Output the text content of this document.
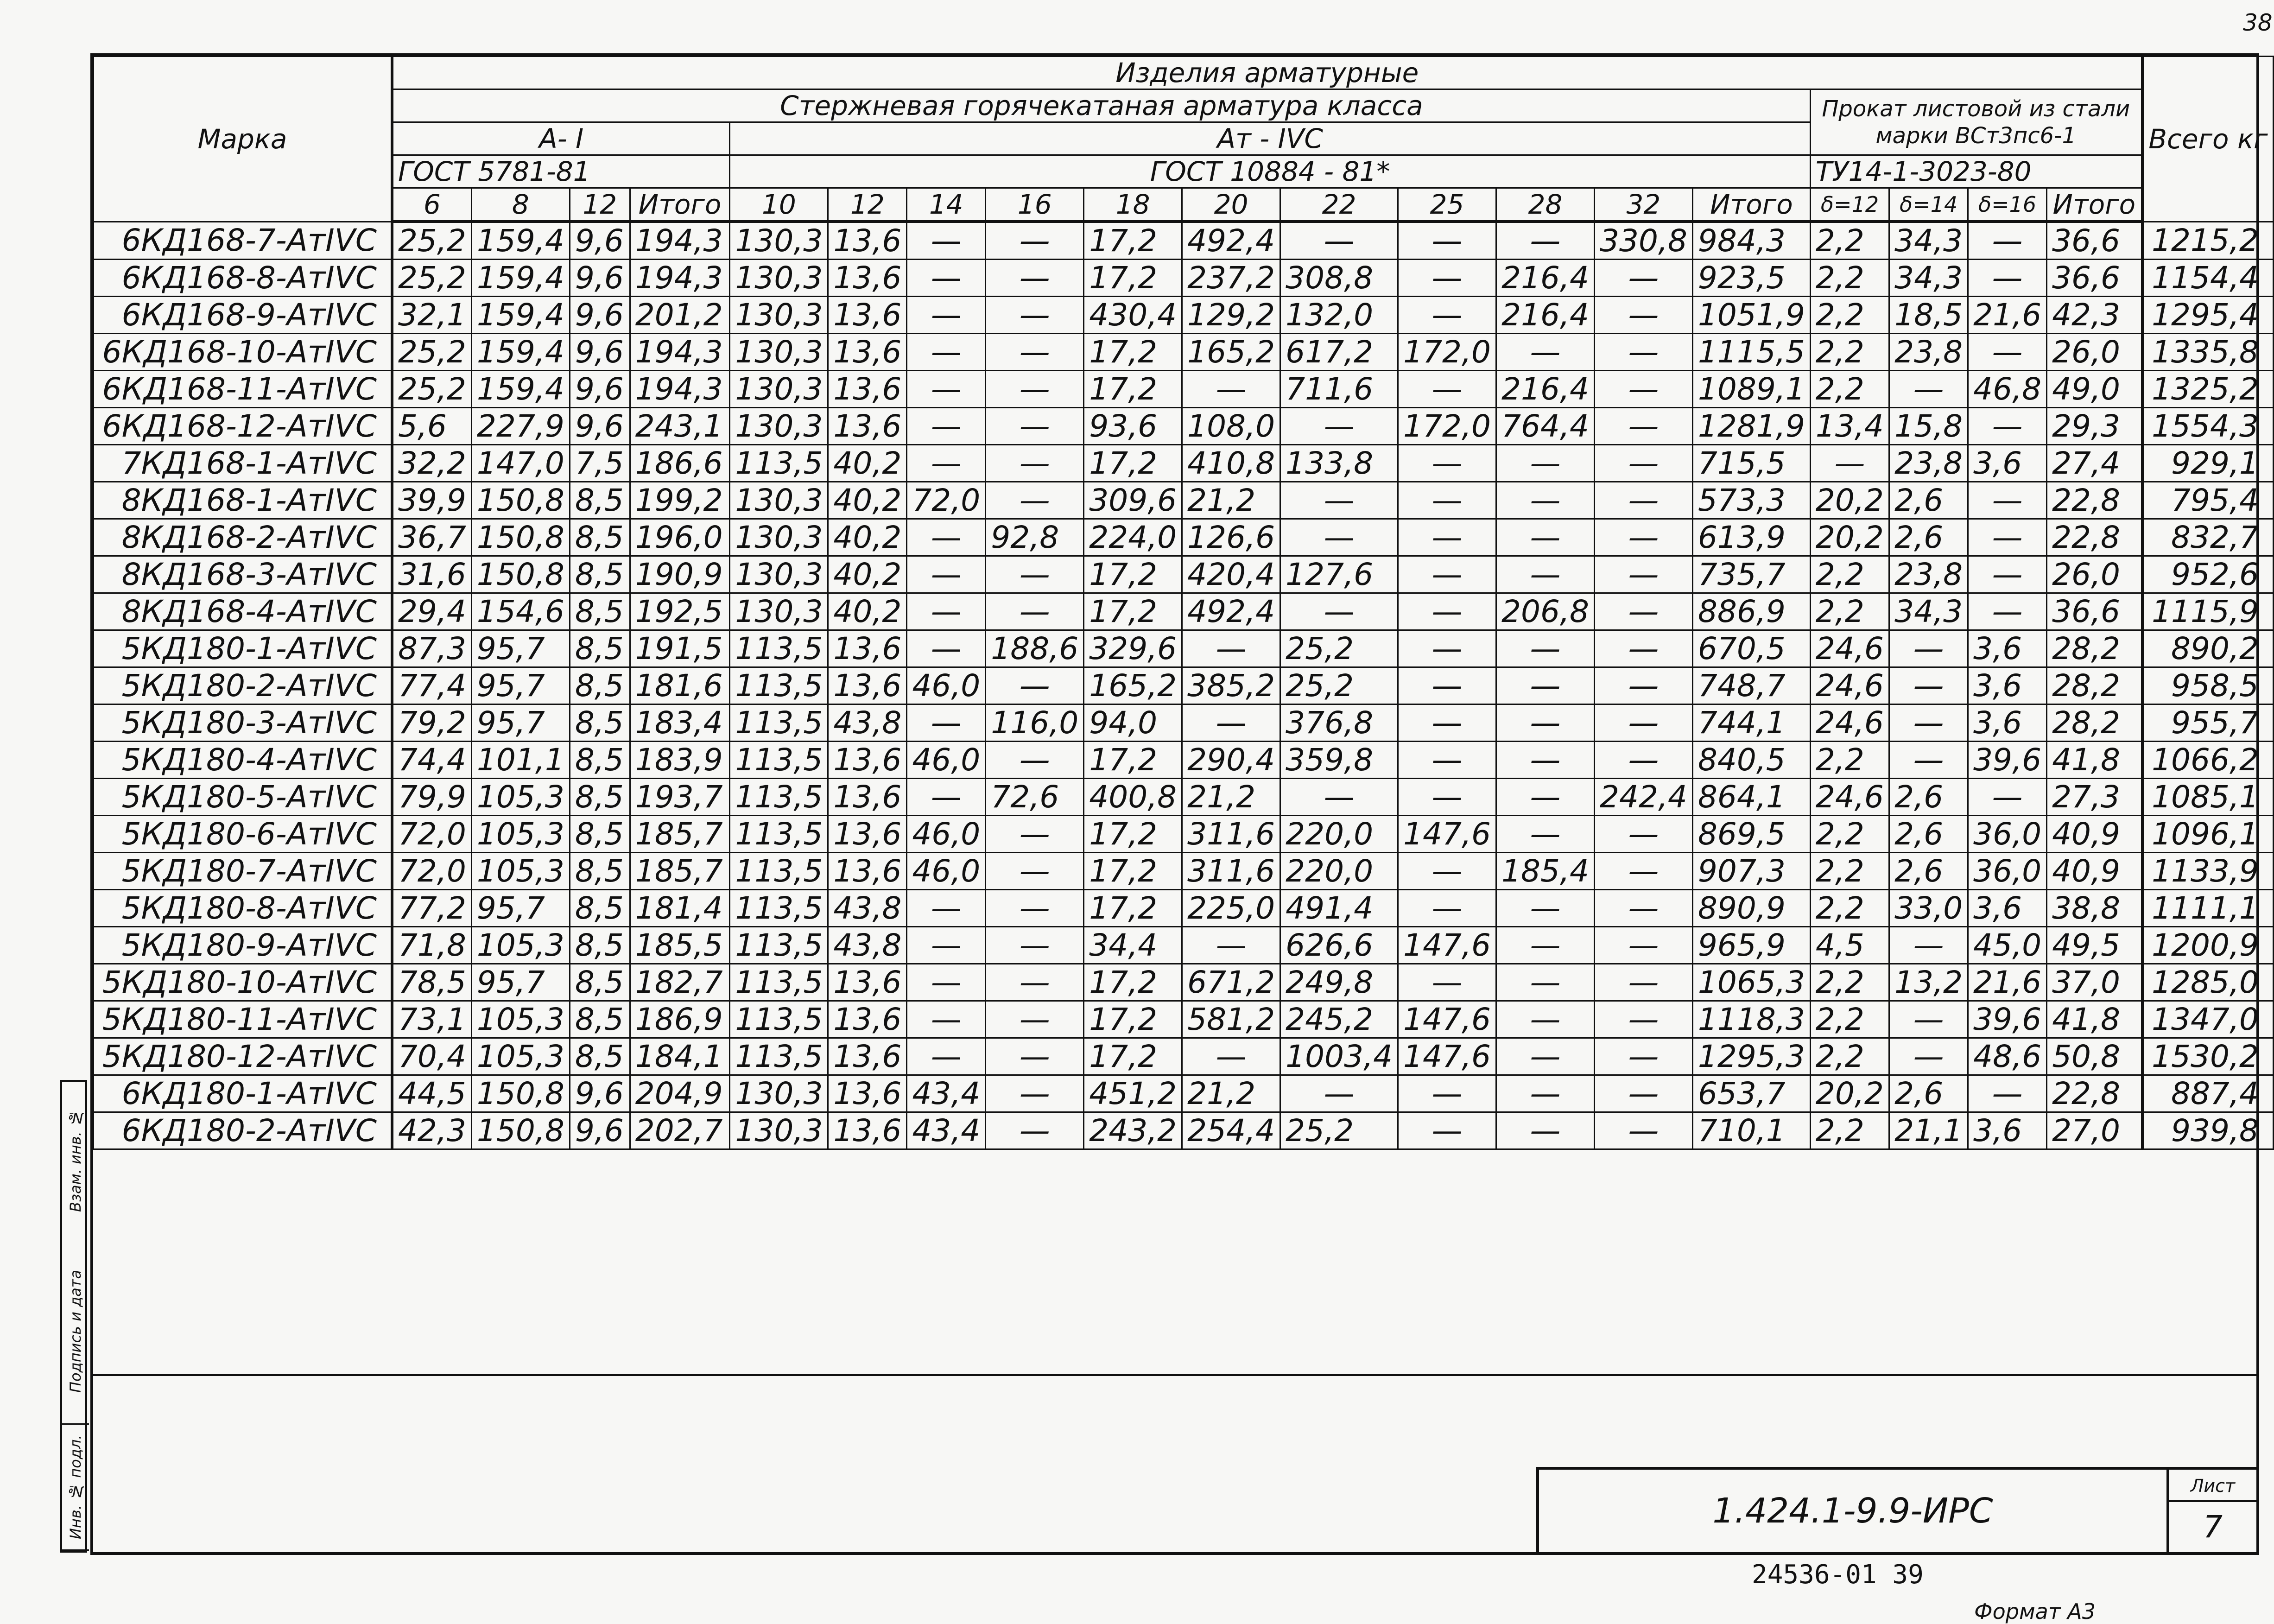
38
Марка	Изделия арматурные																			Всего кг
	Стержневая горячекатаная арматура класса															Прокат листовой из стали марки ВСт3пс6-1				
	А- I				Ат - IVC															
	ГОСТ 5781-81				ГОСТ 10884 - 81*											ТУ14-1-3023-80				
	6	8	12	Итого	10	12	14	16	18	20	22	25	28	32	Итого	δ=12	δ=14	δ=16	Итого	
6КД168-7-АтIVC	25,2	159,4	9,6	194,3	130,3	13,6	—	—	17,2	492,4	—	—	—	330,8	984,3	2,2	34,3	—	36,6	1215,2
6КД168-8-АтIVC	25,2	159,4	9,6	194,3	130,3	13,6	—	—	17,2	237,2	308,8	—	216,4	—	923,5	2,2	34,3	—	36,6	1154,4
6КД168-9-АтIVC	32,1	159,4	9,6	201,2	130,3	13,6	—	—	430,4	129,2	132,0	—	216,4	—	1051,9	2,2	18,5	21,6	42,3	1295,4
6КД168-10-АтIVC	25,2	159,4	9,6	194,3	130,3	13,6	—	—	17,2	165,2	617,2	172,0	—	—	1115,5	2,2	23,8	—	26,0	1335,8
6КД168-11-АтIVC	25,2	159,4	9,6	194,3	130,3	13,6	—	—	17,2	—	711,6	—	216,4	—	1089,1	2,2	—	46,8	49,0	1325,2
6КД168-12-АтIVC	5,6	227,9	9,6	243,1	130,3	13,6	—	—	93,6	108,0	—	172,0	764,4	—	1281,9	13,4	15,8	—	29,3	1554,3
7КД168-1-АтIVC	32,2	147,0	7,5	186,6	113,5	40,2	—	—	17,2	410,8	133,8	—	—	—	715,5	—	23,8	3,6	27,4	929,1
8КД168-1-АтIVC	39,9	150,8	8,5	199,2	130,3	40,2	72,0	—	309,6	21,2	—	—	—	—	573,3	20,2	2,6	—	22,8	795,4
8КД168-2-АтIVC	36,7	150,8	8,5	196,0	130,3	40,2	—	92,8	224,0	126,6	—	—	—	—	613,9	20,2	2,6	—	22,8	832,7
8КД168-3-АтIVC	31,6	150,8	8,5	190,9	130,3	40,2	—	—	17,2	420,4	127,6	—	—	—	735,7	2,2	23,8	—	26,0	952,6
8КД168-4-АтIVC	29,4	154,6	8,5	192,5	130,3	40,2	—	—	17,2	492,4	—	—	206,8	—	886,9	2,2	34,3	—	36,6	1115,9
5КД180-1-АтIVC	87,3	95,7	8,5	191,5	113,5	13,6	—	188,6	329,6	—	25,2	—	—	—	670,5	24,6	—	3,6	28,2	890,2
5КД180-2-АтIVC	77,4	95,7	8,5	181,6	113,5	13,6	46,0	—	165,2	385,2	25,2	—	—	—	748,7	24,6	—	3,6	28,2	958,5
5КД180-3-АтIVC	79,2	95,7	8,5	183,4	113,5	43,8	—	116,0	94,0	—	376,8	—	—	—	744,1	24,6	—	3,6	28,2	955,7
5КД180-4-АтIVC	74,4	101,1	8,5	183,9	113,5	13,6	46,0	—	17,2	290,4	359,8	—	—	—	840,5	2,2	—	39,6	41,8	1066,2
5КД180-5-АтIVC	79,9	105,3	8,5	193,7	113,5	13,6	—	72,6	400,8	21,2	—	—	—	242,4	864,1	24,6	2,6	—	27,3	1085,1
5КД180-6-АтIVC	72,0	105,3	8,5	185,7	113,5	13,6	46,0	—	17,2	311,6	220,0	147,6	—	—	869,5	2,2	2,6	36,0	40,9	1096,1
5КД180-7-АтIVC	72,0	105,3	8,5	185,7	113,5	13,6	46,0	—	17,2	311,6	220,0	—	185,4	—	907,3	2,2	2,6	36,0	40,9	1133,9
5КД180-8-АтIVC	77,2	95,7	8,5	181,4	113,5	43,8	—	—	17,2	225,0	491,4	—	—	—	890,9	2,2	33,0	3,6	38,8	1111,1
5КД180-9-АтIVC	71,8	105,3	8,5	185,5	113,5	43,8	—	—	34,4	—	626,6	147,6	—	—	965,9	4,5	—	45,0	49,5	1200,9
5КД180-10-АтIVC	78,5	95,7	8,5	182,7	113,5	13,6	—	—	17,2	671,2	249,8	—	—	—	1065,3	2,2	13,2	21,6	37,0	1285,0
5КД180-11-АтIVC	73,1	105,3	8,5	186,9	113,5	13,6	—	—	17,2	581,2	245,2	147,6	—	—	1118,3	2,2	—	39,6	41,8	1347,0
5КД180-12-АтIVC	70,4	105,3	8,5	184,1	113,5	13,6	—	—	17,2	—	1003,4	147,6	—	—	1295,3	2,2	—	48,6	50,8	1530,2
6КД180-1-АтIVC	44,5	150,8	9,6	204,9	130,3	13,6	43,4	—	451,2	21,2	—	—	—	—	653,7	20,2	2,6	—	22,8	887,4
6КД180-2-АтIVC	42,3	150,8	9,6	202,7	130,3	13,6	43,4	—	243,2	254,4	25,2	—	—	—	710,1	2,2	21,1	3,6	27,0	939,8
Взам. инв. №
Подпись и дата
Инв. № подл.	1.424.1-9.9-ИРС
Лист
7
24536-01 39
Формат А3
